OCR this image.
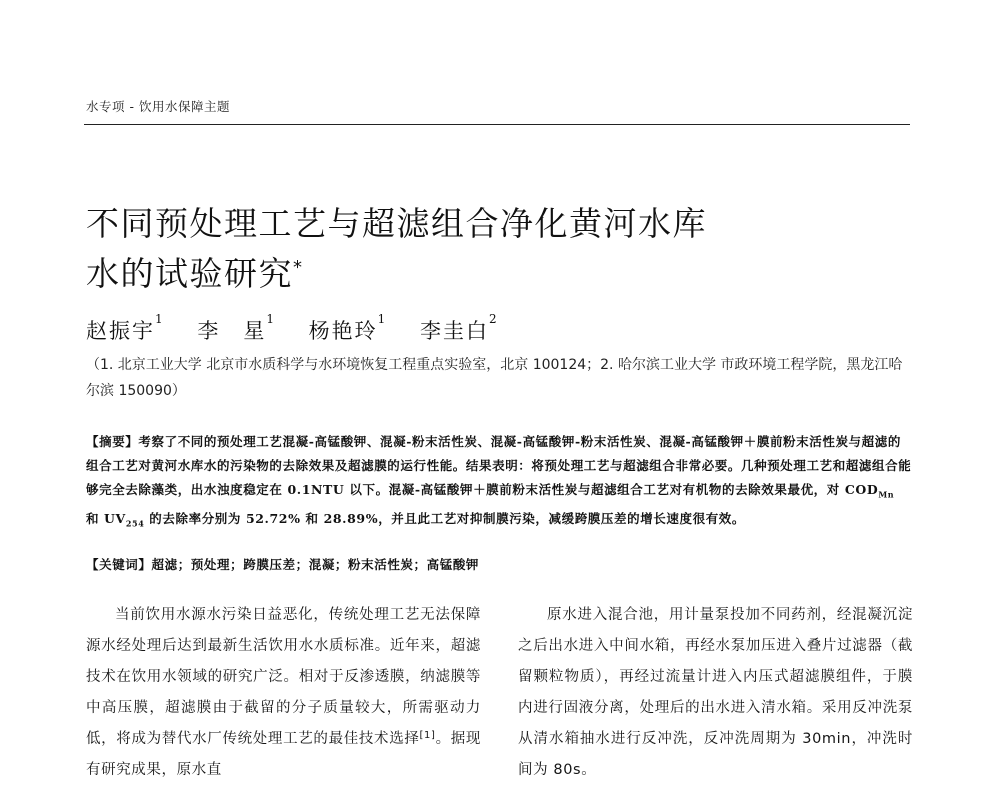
水专项 - 饮用水保障主题
不同预处理工艺与超滤组合净化黄河水库
水的试验研究*
赵振宇$^1$ 李　星$^1$ 杨艳玲$^1$ 李圭白$^2$

（1. 北京工业大学 北京市水质科学与水环境恢复工程重点实验室，北京 100124；2. 哈尔滨工业大学 市政环境工程学院，黑龙江哈尔滨 150090）

【摘要】考察了不同的预处理工艺混凝-高锰酸钾、混凝-粉末活性炭、混凝-高锰酸钾-粉末活性炭、混凝-高锰酸钾＋膜前粉末活性炭与超滤的组合工艺对黄河水库水的污染物的去除效果及超滤膜的运行性能。结果表明：将预处理工艺与超滤组合非常必要。几种预处理工艺和超滤组合能够完全去除藻类，出水浊度稳定在 0.1NTU 以下。混凝-高锰酸钾＋膜前粉末活性炭与超滤组合工艺对有机物的去除效果最优，对 $COD_{Mn}$ 和 $UV_{254}$ 的去除率分别为 52.72% 和 28.89%，并且此工艺对抑制膜污染，减缓跨膜压差的增长速度很有效。

【关键词】超滤；预处理；跨膜压差；混凝；粉末活性炭；高锰酸钾

当前饮用水源水污染日益恶化，传统处理工艺无法保障源水经处理后达到最新生活饮用水水质标准。近年来，超滤技术在饮用水领域的研究广泛。相对于反渗透膜，纳滤膜等中高压膜，超滤膜由于截留的分子质量较大，所需驱动力低，将成为替代水厂传统处理工艺的最佳技术选择[1]。据现有研究成果，原水直

原水进入混合池，用计量泵投加不同药剂，经混凝沉淀之后出水进入中间水箱，再经水泵加压进入叠片过滤器（截留颗粒物质），再经过流量计进入内压式超滤膜组件，于膜内进行固液分离，处理后的出水进入清水箱。采用反冲洗泵从清水箱抽水进行反冲洗，反冲洗周期为 30min，冲洗时间为 80s。
